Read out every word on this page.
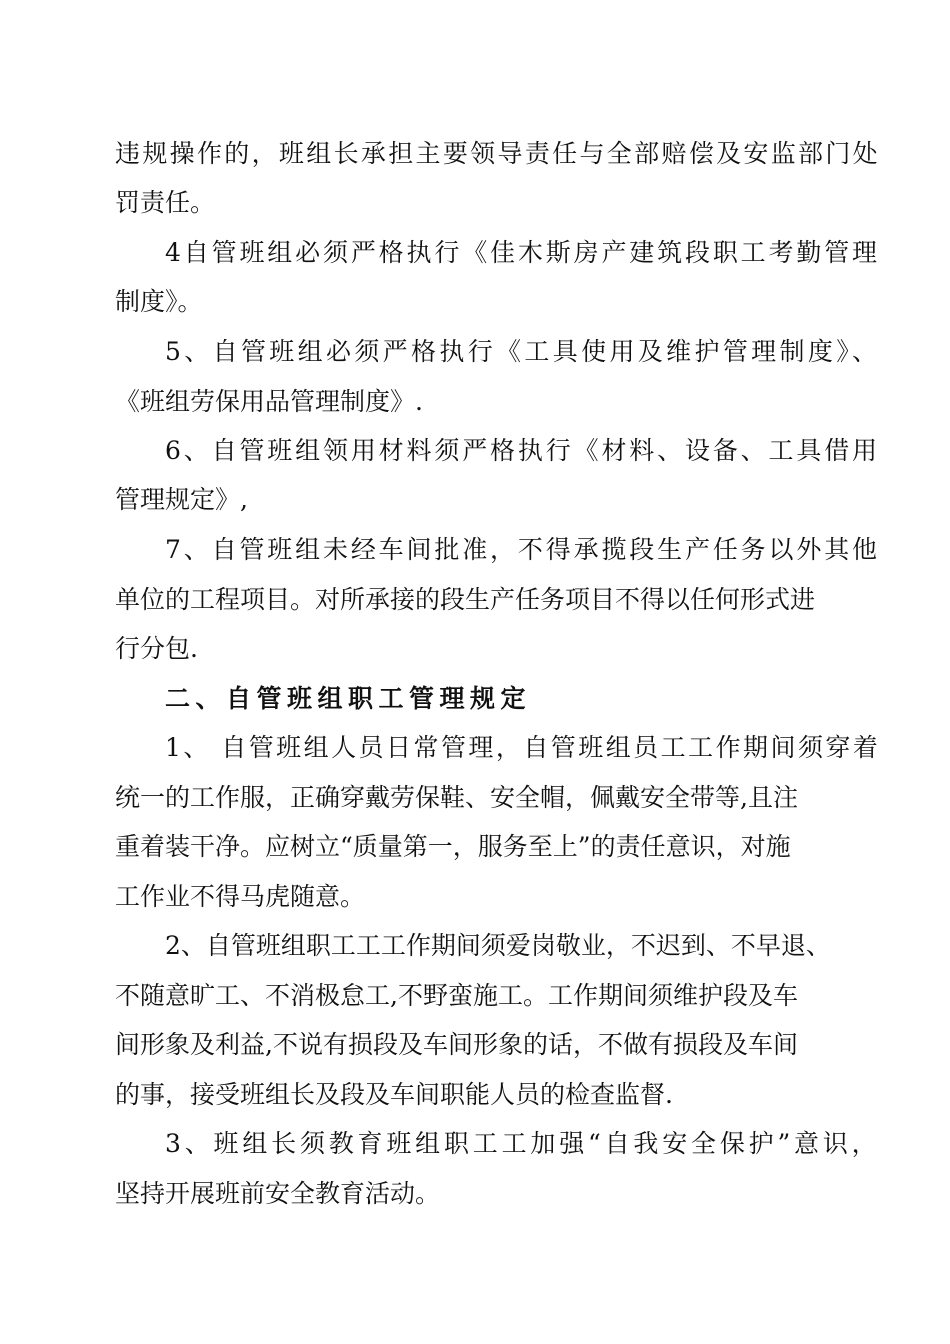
违规操作的，班组长承担主要领导责任与全部赔偿及安监部门处
罚责任。
4自管班组必须严格执行《佳木斯房产建筑段职工考勤管理
制度》。
5、自管班组必须严格执行《工具使用及维护管理制度》、
《班组劳保用品管理制度》.
6、自管班组领用材料须严格执行《材料、设备、工具借用
管理规定》,
7、自管班组未经车间批准，不得承揽段生产任务以外其他
单位的工程项目。对所承接的段生产任务项目不得以任何形式进
行分包.
二、自管班组职工管理规定
1、 自管班组人员日常管理，自管班组员工工作期间须穿着
统一的工作服，正确穿戴劳保鞋、安全帽，佩戴安全带等,且注
重着装干净。应树立“质量第一，服务至上”的责任意识，对施
工作业不得马虎随意。
2、自管班组职工工工作期间须爱岗敬业，不迟到、不早退、
不随意旷工、不消极怠工,不野蛮施工。工作期间须维护段及车
间形象及利益,不说有损段及车间形象的话，不做有损段及车间
的事，接受班组长及段及车间职能人员的检查监督.
3、班组长须教育班组职工工加强“自我安全保护”意识，
坚持开展班前安全教育活动。
